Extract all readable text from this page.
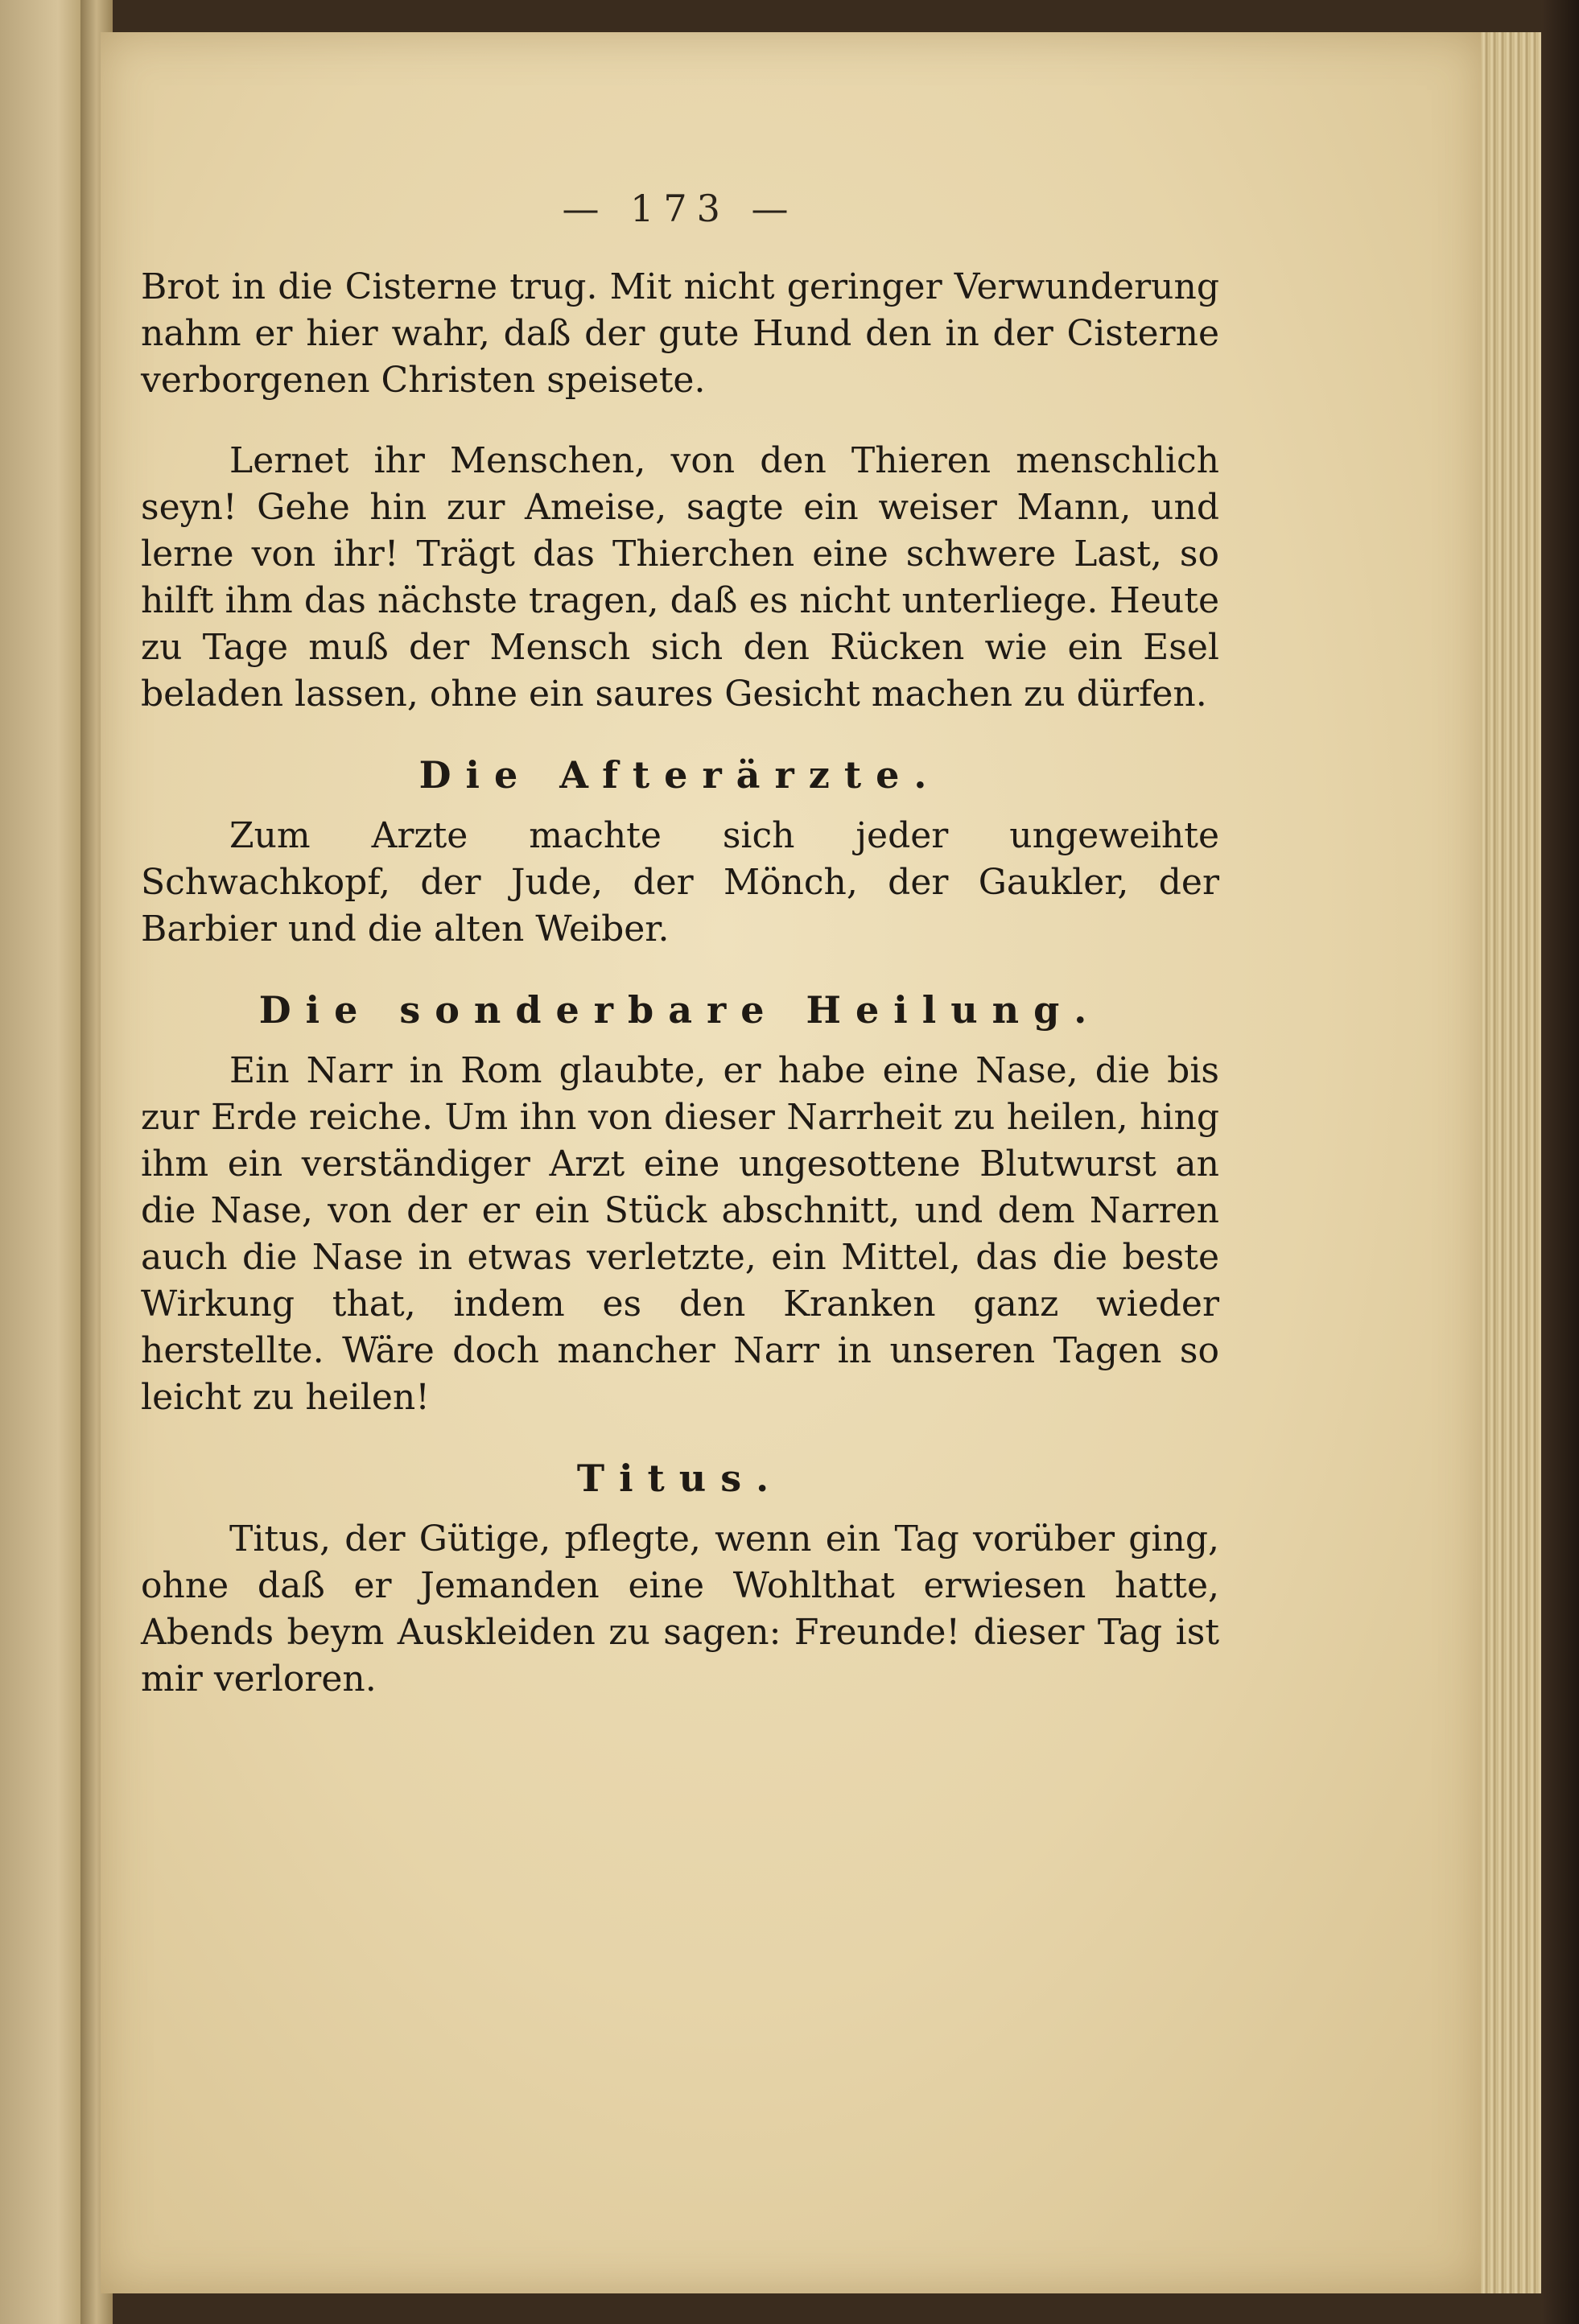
— 173 —

Brot in die Cisterne trug. Mit nicht geringer Verwunderung nahm er hier wahr, daß der gute Hund den in der Cisterne verborgenen Christen speisete.

Lernet ihr Menschen, von den Thieren menschlich seyn! Gehe hin zur Ameise, sagte ein weiser Mann, und lerne von ihr! Trägt das Thierchen eine schwere Last, so hilft ihm das nächste tragen, daß es nicht unterliege. Heute zu Tage muß der Mensch sich den Rücken wie ein Esel beladen lassen, ohne ein saures Gesicht machen zu dürfen.

Die Afterärzte.

Zum Arzte machte sich jeder ungeweihte Schwachkopf, der Jude, der Mönch, der Gaukler, der Barbier und die alten Weiber.

Die sonderbare Heilung.

Ein Narr in Rom glaubte, er habe eine Nase, die bis zur Erde reiche. Um ihn von dieser Narrheit zu heilen, hing ihm ein verständiger Arzt eine ungesottene Blutwurst an die Nase, von der er ein Stück abschnitt, und dem Narren auch die Nase in etwas verletzte, ein Mittel, das die beste Wirkung that, indem es den Kranken ganz wieder herstellte. Wäre doch mancher Narr in unseren Tagen so leicht zu heilen!

Titus.

Titus, der Gütige, pflegte, wenn ein Tag vorüber ging, ohne daß er Jemanden eine Wohlthat erwiesen hatte, Abends beym Auskleiden zu sagen: Freunde! dieser Tag ist mir verloren.
